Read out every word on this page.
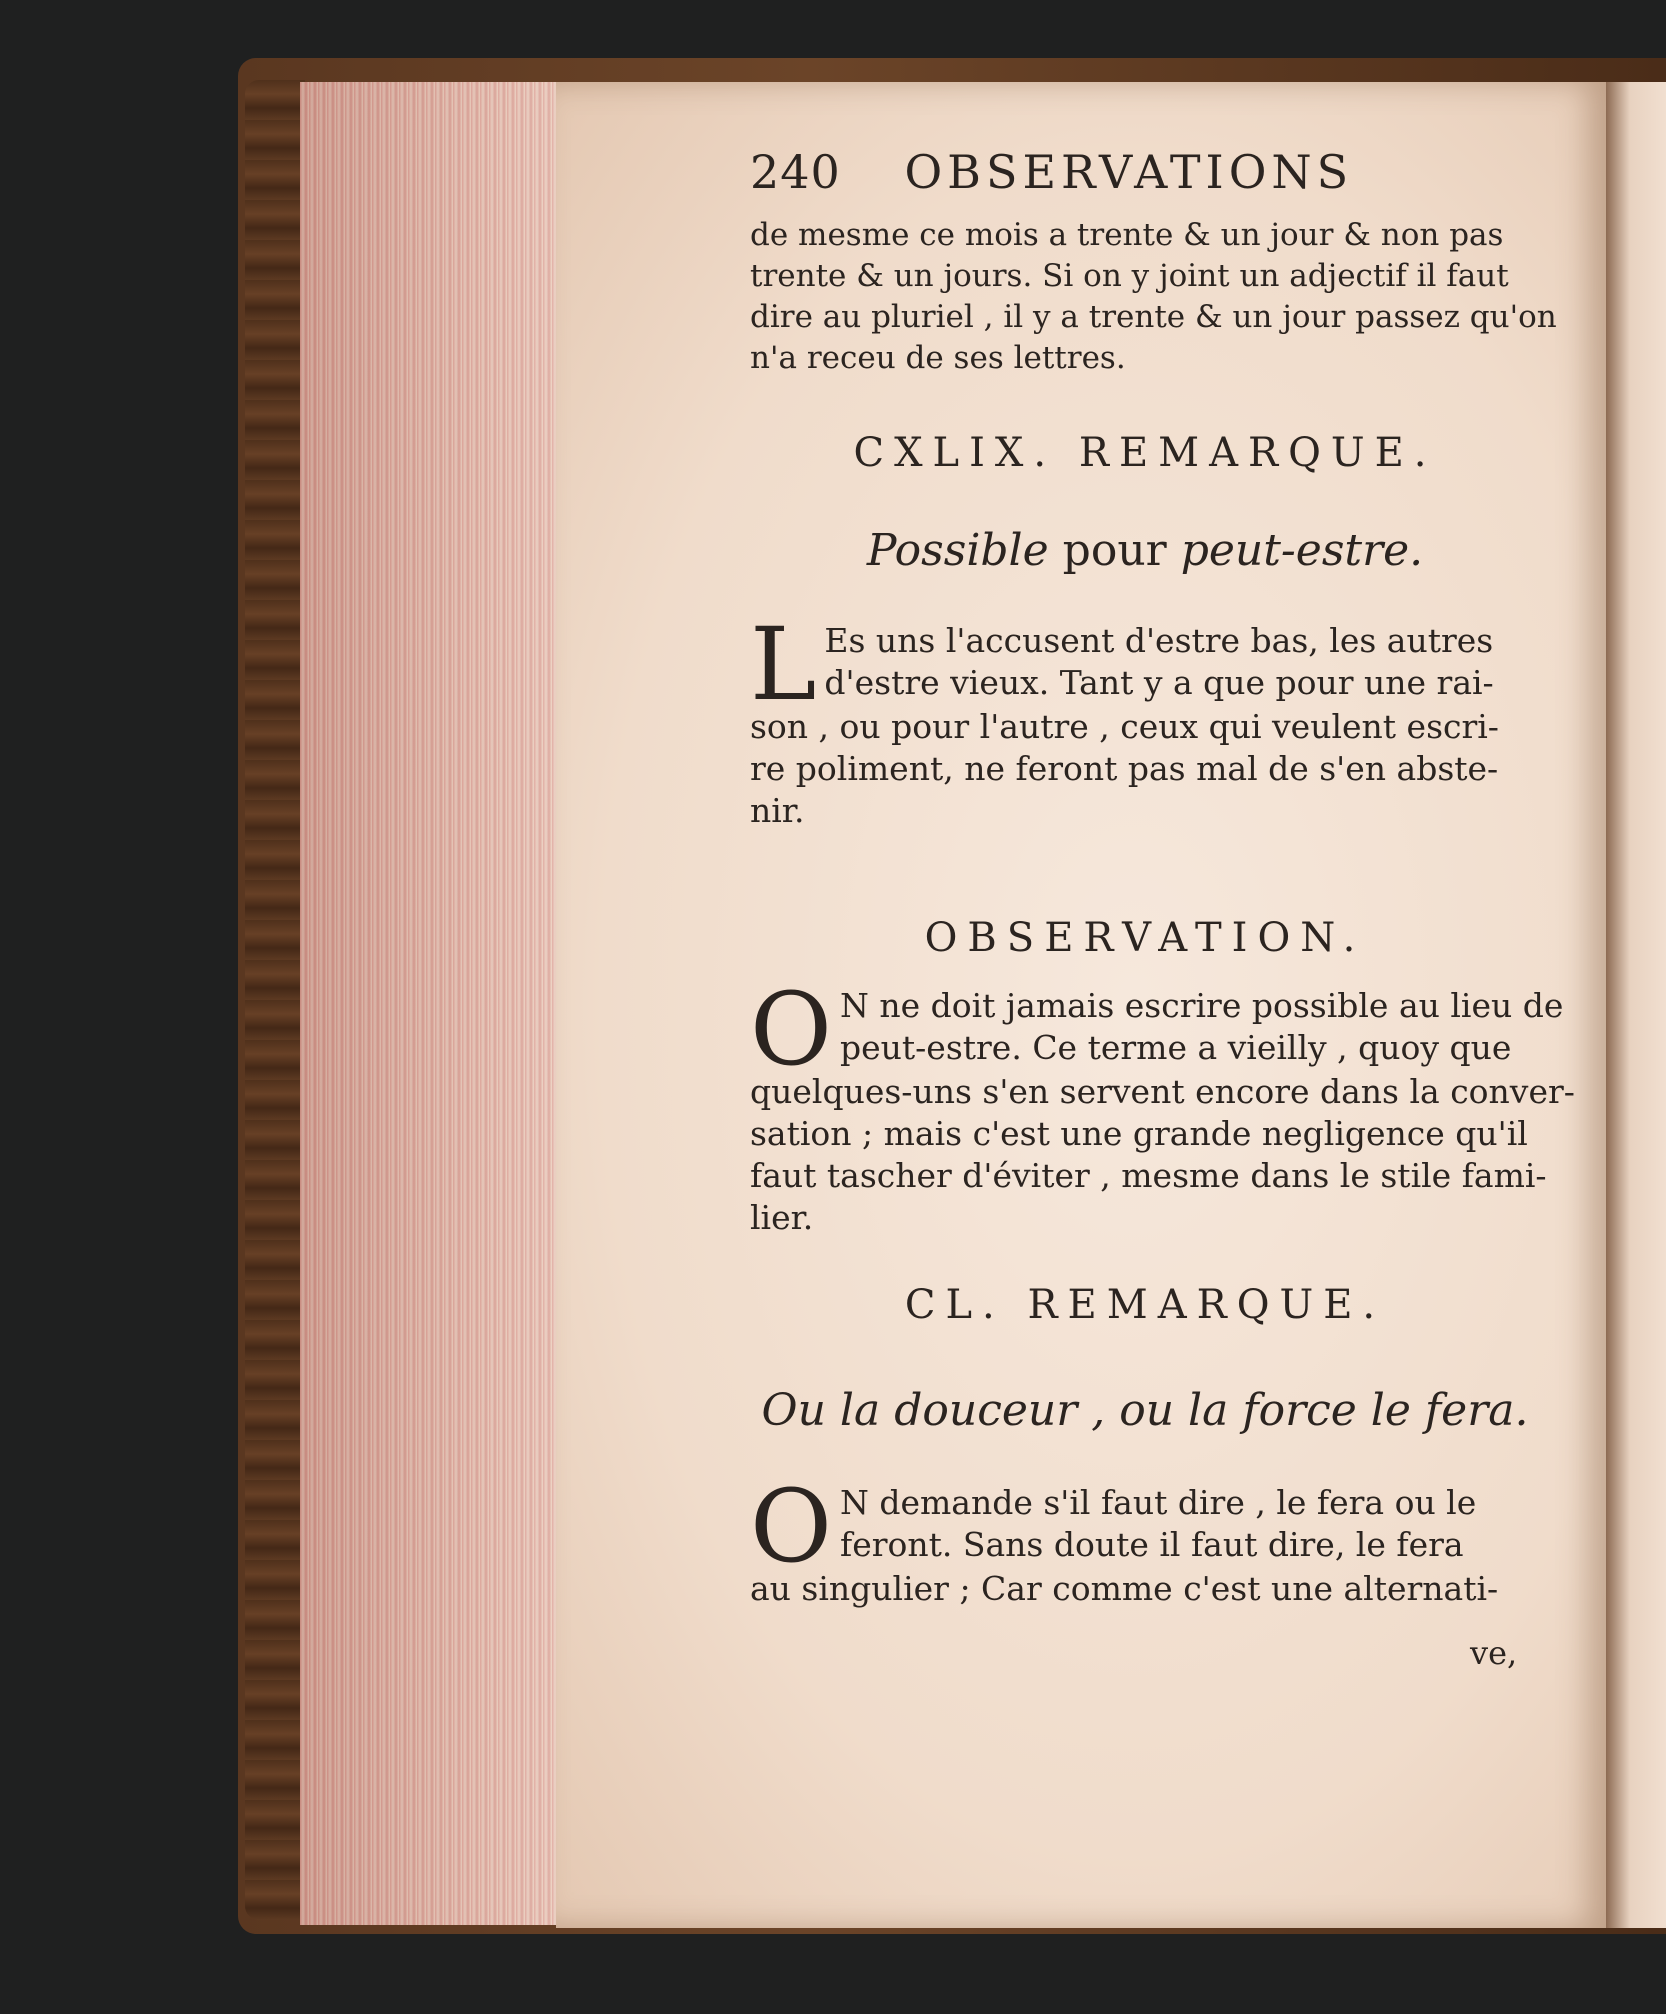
240 OBSERVATIONS
de mesme ce mois a trente & un jour & non pas
trente & un jours. Si on y joint un adjectif il faut
dire au pluriel , il y a trente & un jour passez qu'on
n'a receu de ses lettres.
CXLIX. REMARQUE.
Possible pour peut-estre.
L Es uns l'accusent d'estre bas, les autres
d'estre vieux. Tant y a que pour une rai-
son , ou pour l'autre , ceux qui veulent escri-
re poliment, ne feront pas mal de s'en abste-
nir.
OBSERVATION.
O N ne doit jamais escrire possible au lieu de
peut-estre. Ce terme a vieilly , quoy que
quelques-uns s'en servent encore dans la conver-
sation ; mais c'est une grande negligence qu'il
faut tascher d'éviter , mesme dans le stile fami-
lier.
CL. REMARQUE.
Ou la douceur , ou la force le fera.
O N demande s'il faut dire , le fera ou le
feront. Sans doute il faut dire, le fera
au singulier ; Car comme c'est une alternati-
ve,
